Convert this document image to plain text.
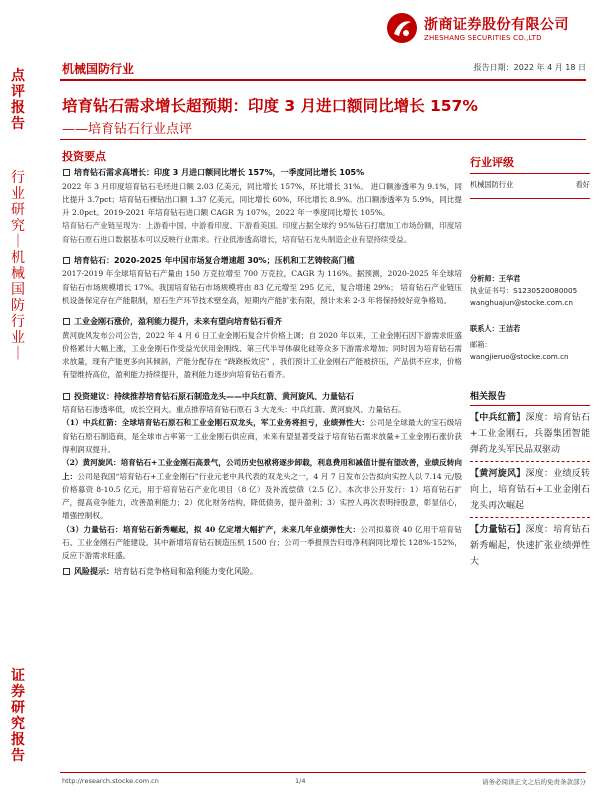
浙商证券股份有限公司
ZHESHANG SECURITIES CO.,LTD
机械国防行业	报告日期：2022 年 4 月 18 日
点评报告
行业研究｜机械国防行业｜
证券研究报告
培育钻石需求增长超预期：印度 3 月进口额同比增长 157%
——培育钻石行业点评
投资要点
培育钻石需求高增长：印度 3 月进口额同比增长 157%，一季度同比增长 105%
2022 年 3 月印度培育钻石毛坯进口额 2.03 亿美元，同比增长 157%，环比增长 31%。 进口额渗透率为 9.1%，同比提升 3.7pct；培育钻石裸钻出口额 1.37 亿美元，同比增长 60%，环比增长 8.9%。出口额渗透率为 5.9%，同比提升 2.0pct。2019-2021 年培育钻石进口额 CAGR 为 107%，2022 年一季度同比增长 105%。
培育钻石产业链呈现为：上游看中国、中游看印度、下游看美国。印度占据全球约 95%钻石打磨加工市场份额，印度培育钻石原石进口数据基本可以反映行业需求。行业低渗透高增长，培育钻石龙头制造企业有望持续受益。
培育钻石：2020-2025 年中国市场复合增速超 30%；压机和工艺铸较高门槛
2017-2019 年全球培育钻石产量由 150 万克拉增至 700 万克拉，CAGR 为 116%。据预测，2020-2025 年全球培育钻石市场规模增长 17%。我国培育钻石市场规模将由 83 亿元增至 295 亿元，复合增速 29%； 培育钻石产业链压机设备保定存在产能限制，原石生产环节技术壁垒高，短期内产能扩张有限，预计未来 2-3 年将保持较好竞争格局。
工业金刚石涨价，盈利能力提升，未来有望向培育钻石看齐
黄河旋风发布公司公告，2022 年 4 月 6 日工业金刚石复合片价格上调；自 2020 年以来，工业金刚石因下游需求旺盛价格累计大幅上涨，工业金刚石作受益光伏用金刚线、第三代半导体碳化硅等众多下游需求增加；同时因为培育钻石需求放量，现有产能更多向其倾斜，产能分配存在 “跷跷板效应” ，我们预计工业金刚石产能被挤压，产品供不应求，价格有望维持高位，盈利能力持续提升，盈利能力逐步向培育钻石看齐。
投资建议：持续推荐培育钻石原石制造龙头——中兵红箭、黄河旋风、力量钻石
培育钻石渗透率低，成长空间大。重点推荐培育钻石原石 3 大龙头：中兵红箭、黄河旋风、力量钻石。
（1）中兵红箭：全球培育钻石原石和工业金刚石双龙头，军工业务将担亏，业绩弹性大：公司是全球最大的宝石级培育钻石原石制造商，是全球市占率第一工业金刚石供应商，未来有望显著受益于培育钻石需求放量+工业金刚石涨价获得利润双提升。
（2）黄河旋风：培育钻石+工业金刚石高景气，公司历史包袱将逐步卸载，利息费用和减值计提有望改善，业绩反转向上：公司是我国“培育钻石+工业金刚石”行业元老中具代表的双龙头之一，4 月 7 日发布公告拟向实控人以 7.14 元/股价格募资 8-10.5 亿元，用于培育钻石产业化项目（8 亿）及补流偿债（2.5 亿）。本次非公开发行：1）培育钻石扩产，提高竞争能力，改善盈利能力；2）优化财务结构，降低债务，提升盈利；3）实控人再次表明持股意，彰显信心，增强控制权。
（3）力量钻石：培育钻石新秀崛起，拟 40 亿定增大幅扩产，未来几年业绩弹性大：公司拟募资 40 亿用于培育钻石、工业金刚石产能建设，其中新增培育钻石制造压机 1500 台；公司一季报预告归母净利润同比增长 128%-152%，反应下游需求旺盛。
风险提示：培育钻石竞争格局和盈利能力变化风险。
行业评级
机械国防行业	看好
分析师：王华君
执业证书号：S1230520080005
wanghuajun@stocke.com.cn
联系人：王洁若
邮箱：wangjieruo@stocke.com.cn
相关报告
【中兵红箭】深度：培育钻石+工业金刚石，兵器集团智能弹药龙头军民品双驱动
【黄河旋风】深度：业绩反转向上，培育钻石+工业金刚石龙头再次崛起
【力量钻石】深度：培育钻石新秀崛起，快速扩张业绩弹性大
http://research.stocke.com.cn	1/4	请务必阅读正文之后的免责条款部分
